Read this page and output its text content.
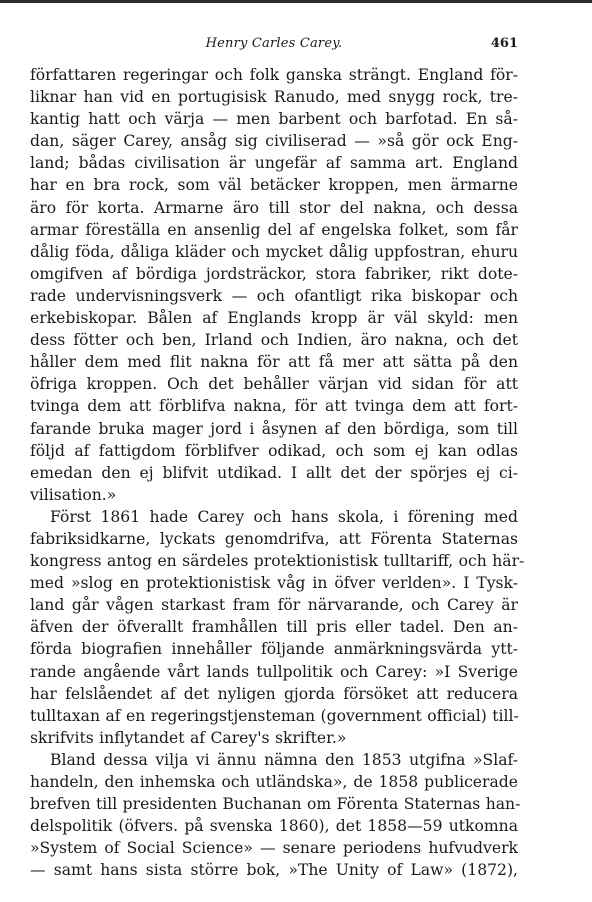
Henry Carles Carey.	461
författaren regeringar och folk ganska strängt. England för-
liknar han vid en portugisisk Ranudo, med snygg rock, tre-
kantig hatt och värja — men barbent och barfotad. En så-
dan, säger Carey, ansåg sig civiliserad — »så gör ock Eng-
land; bådas civilisation är ungefär af samma art. England
har en bra rock, som väl betäcker kroppen, men ärmarne
äro för korta. Armarne äro till stor del nakna, och dessa
armar föreställa en ansenlig del af engelska folket, som får
dålig föda, dåliga kläder och mycket dålig uppfostran, ehuru
omgifven af bördiga jordsträckor, stora fabriker, rikt dote-
rade undervisningsverk — och ofantligt rika biskopar och
erkebiskopar. Bålen af Englands kropp är väl skyld: men
dess fötter och ben, Irland och Indien, äro nakna, och det
håller dem med flit nakna för att få mer att sätta på den
öfriga kroppen. Och det behåller värjan vid sidan för att
tvinga dem att förblifva nakna, för att tvinga dem att fort-
farande bruka mager jord i åsynen af den bördiga, som till
följd af fattigdom förblifver odikad, och som ej kan odlas
emedan den ej blifvit utdikad. I allt det der spörjes ej ci-
vilisation.»
Först 1861 hade Carey och hans skola, i förening med
fabriksidkarne, lyckats genomdrifva, att Förenta Staternas
kongress antog en särdeles protektionistisk tulltariff, och här-
med »slog en protektionistisk våg in öfver verlden». I Tysk-
land går vågen starkast fram för närvarande, och Carey är
äfven der öfverallt framhållen till pris eller tadel. Den an-
förda biografien innehåller följande anmärkningsvärda ytt-
rande angående vårt lands tullpolitik och Carey: »I Sverige
har felslåendet af det nyligen gjorda försöket att reducera
tulltaxan af en regeringstjensteman (government official) till-
skrifvits inflytandet af Carey's skrifter.»
Bland dessa vilja vi ännu nämna den 1853 utgifna »Slaf-
handeln, den inhemska och utländska», de 1858 publicerade
brefven till presidenten Buchanan om Förenta Staternas han-
delspolitik (öfvers. på svenska 1860), det 1858—59 utkomna
»System of Social Science» — senare periodens hufvudverk
— samt hans sista större bok, »The Unity of Law» (1872),
